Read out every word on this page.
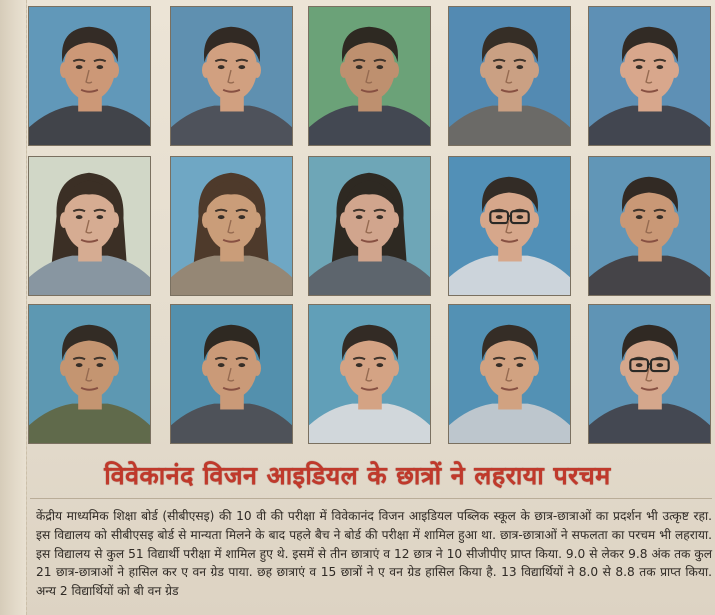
विवेकानंद विजन आइडियल के छात्रों ने लहराया परचम

केंद्रीय माध्यमिक शिक्षा बोर्ड (सीबीएसइ) की 10 वी की परीक्षा में विवेकानंद विजन आइडियल पब्लिक स्कूल के छात्र-छात्राओं का प्रदर्शन भी उत्कृष्ट रहा. इस विद्यालय को सीबीएसइ बोर्ड से मान्यता मिलने के बाद पहले बैच ने बोर्ड की परीक्षा में शामिल हुआ था. छात्र-छात्राओं ने सफलता का परचम भी लहराया. इस विद्यालय से कुल 51 विद्यार्थी परीक्षा में शामिल हुए थे. इसमें से तीन छात्राएं व 12 छात्र ने 10 सीजीपीए प्राप्त किया. 9.0 से लेकर 9.8 अंक तक कुल 21 छात्र-छात्राओं ने हासिल कर ए वन ग्रेड पाया. छह छात्राएं व 15 छात्रों ने ए वन ग्रेड हासिल किया है. 13 विद्यार्थियों ने 8.0 से 8.8 तक प्राप्त किया. अन्य 2 विद्यार्थियों को बी वन ग्रेड
